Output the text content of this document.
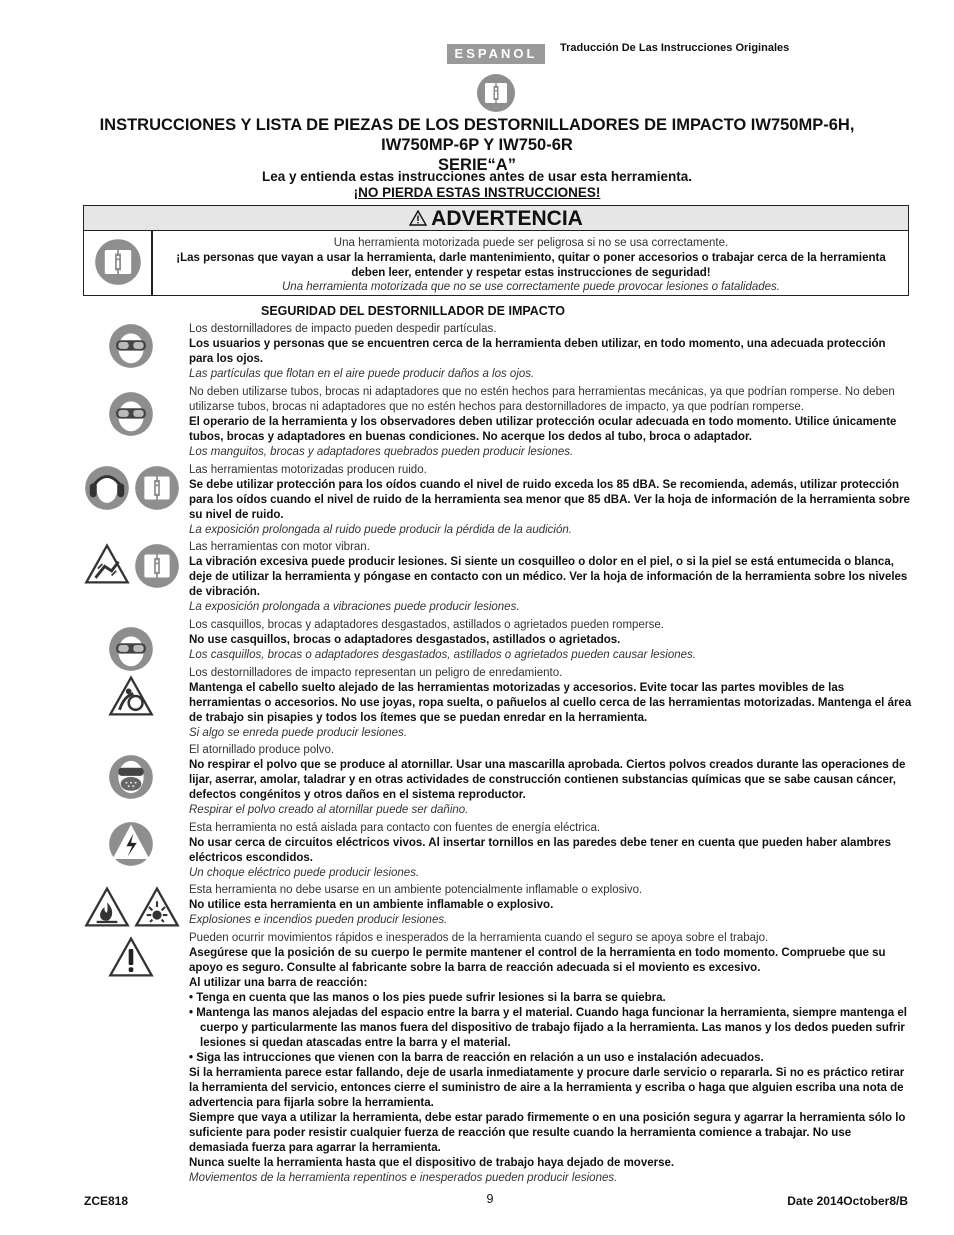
ESPANOL	Traducción De Las Instrucciones Originales
INSTRUCCIONES Y LISTA DE PIEZAS DE LOS DESTORNILLADORES DE IMPACTO IW750MP-6H,
IW750MP-6P Y IW750-6R
SERIE“A”
Lea y entienda estas instrucciones antes de usar esta herramienta.
¡NO PIERDA ESTAS INSTRUCCIONES!
ADVERTENCIA
Una herramienta motorizada puede ser peligrosa si no se usa correctamente.
¡Las personas que vayan a usar la herramienta, darle mantenimiento, quitar o poner accesorios o trabajar cerca de la herramienta deben leer, entender y respetar estas instrucciones de seguridad!
Una herramienta motorizada que no se use correctamente puede provocar lesiones o fatalidades.
SEGURIDAD DEL DESTORNILLADOR DE IMPACTO
Los destornilladores de impacto pueden despedir partículas.
Los usuarios y personas que se encuentren cerca de la herramienta deben utilizar, en todo momento, una adecuada protección para los ojos.
Las partículas que flotan en el aire puede producir daños a los ojos.
No deben utilizarse tubos, brocas ni adaptadores que no estén hechos para herramientas mecánicas, ya que podrían romperse. No deben utilizarse tubos, brocas ni adaptadores que no estén hechos para destornilladores de impacto, ya que podrían romperse.
El operario de la herramienta y los observadores deben utilizar protección ocular adecuada en todo momento. Utilice únicamente tubos, brocas y adaptadores en buenas condiciones. No acerque los dedos al tubo, broca o adaptador.
Los manguitos, brocas y adaptadores quebrados pueden producir lesiones.
Las herramientas motorizadas producen ruido.
Se debe utilizar protección para los oídos cuando el nivel de ruido exceda los 85 dBA. Se recomienda, además, utilizar protección para los oídos cuando el nivel de ruido de la herramienta sea menor que 85 dBA. Ver la hoja de información de la herramienta sobre su nivel de ruido.
La exposición prolongada al ruido puede producir la pérdida de la audición.
Las herramientas con motor vibran.
La vibración excesiva puede producir lesiones. Si siente un cosquilleo o dolor en el piel, o si la piel se está entumecida o blanca, deje de utilizar la herramienta y póngase en contacto con un médico. Ver la hoja de información de la herramienta sobre los niveles de vibración.
La exposición prolongada a vibraciones puede producir lesiones.
Los casquillos, brocas y adaptadores desgastados, astillados o agrietados pueden romperse.
No use casquillos, brocas o adaptadores desgastados, astillados o agrietados.
Los casquillos, brocas o adaptadores desgastados, astillados o agrietados pueden causar lesiones.
Los destornilladores de impacto representan un peligro de enredamiento.
Mantenga el cabello suelto alejado de las herramientas motorizadas y accesorios. Evite tocar las partes movibles de las herramientas o accesorios. No use joyas, ropa suelta, o pañuelos al cuello cerca de las herramientas motorizadas. Mantenga el área de trabajo sin pisapies y todos los ítemes que se puedan enredar en la herramienta.
Si algo se enreda puede producir lesiones.
El atornillado produce polvo.
No respirar el polvo que se produce al atornillar. Usar una mascarilla aprobada. Ciertos polvos creados durante las operaciones de lijar, aserrar, amolar, taladrar y en otras actividades de construcción contienen substancias químicas que se sabe causan cáncer, defectos congénitos y otros daños en el sistema reproductor.
Respirar el polvo creado al atornillar puede ser dañino.
Esta herramienta no está aislada para contacto con fuentes de energía eléctrica.
No usar cerca de circuitos eléctricos vivos. Al insertar tornillos en las paredes debe tener en cuenta que pueden haber alambres eléctricos escondidos.
Un choque eléctrico puede producir lesiones.
Esta herramienta no debe usarse en un ambiente potencialmente inflamable o explosivo.
No utilice esta herramienta en un ambiente inflamable o explosivo.
Explosiones e incendios pueden producir lesiones.
Pueden ocurrir movimientos rápidos e inesperados de la herramienta cuando el seguro se apoya sobre el trabajo.
Asegúrese que la posición de su cuerpo le permite mantener el control de la herramienta en todo momento. Compruebe que su apoyo es seguro. Consulte al fabricante sobre la barra de reacción adecuada si el moviento es excesivo.
Al utilizar una barra de reacción:
• Tenga en cuenta que las manos o los pies puede sufrir lesiones si la barra se quiebra.
• Mantenga las manos alejadas del espacio entre la barra y el material. Cuando haga funcionar la herramienta, siempre mantenga el cuerpo y particularmente las manos fuera del dispositivo de trabajo fijado a la herramienta. Las manos y los dedos pueden sufrir lesiones si quedan atascadas entre la barra y el material.
• Siga las intrucciones que vienen con la barra de reacción en relación a un uso e instalación adecuados.
Si la herramienta parece estar fallando, deje de usarla inmediatamente y procure darle servicio o repararla. Si no es práctico retirar la herramienta del servicio, entonces cierre el suministro de aire a la herramienta y escriba o haga que alguien escriba una nota de advertencia para fijarla sobre la herramienta.
Siempre que vaya a utilizar la herramienta, debe estar parado firmemente o en una posición segura y agarrar la herramienta sólo lo suficiente para poder resistir cualquier fuerza de reacción que resulte cuando la herramienta comience a trabajar. No use demasiada fuerza para agarrar la herramienta.
Nunca suelte la herramienta hasta que el dispositivo de trabajo haya dejado de moverse.
Moviementos de la herramienta repentinos e inesperados pueden producir lesiones.
ZCE818	9	Date 2014October8/B
